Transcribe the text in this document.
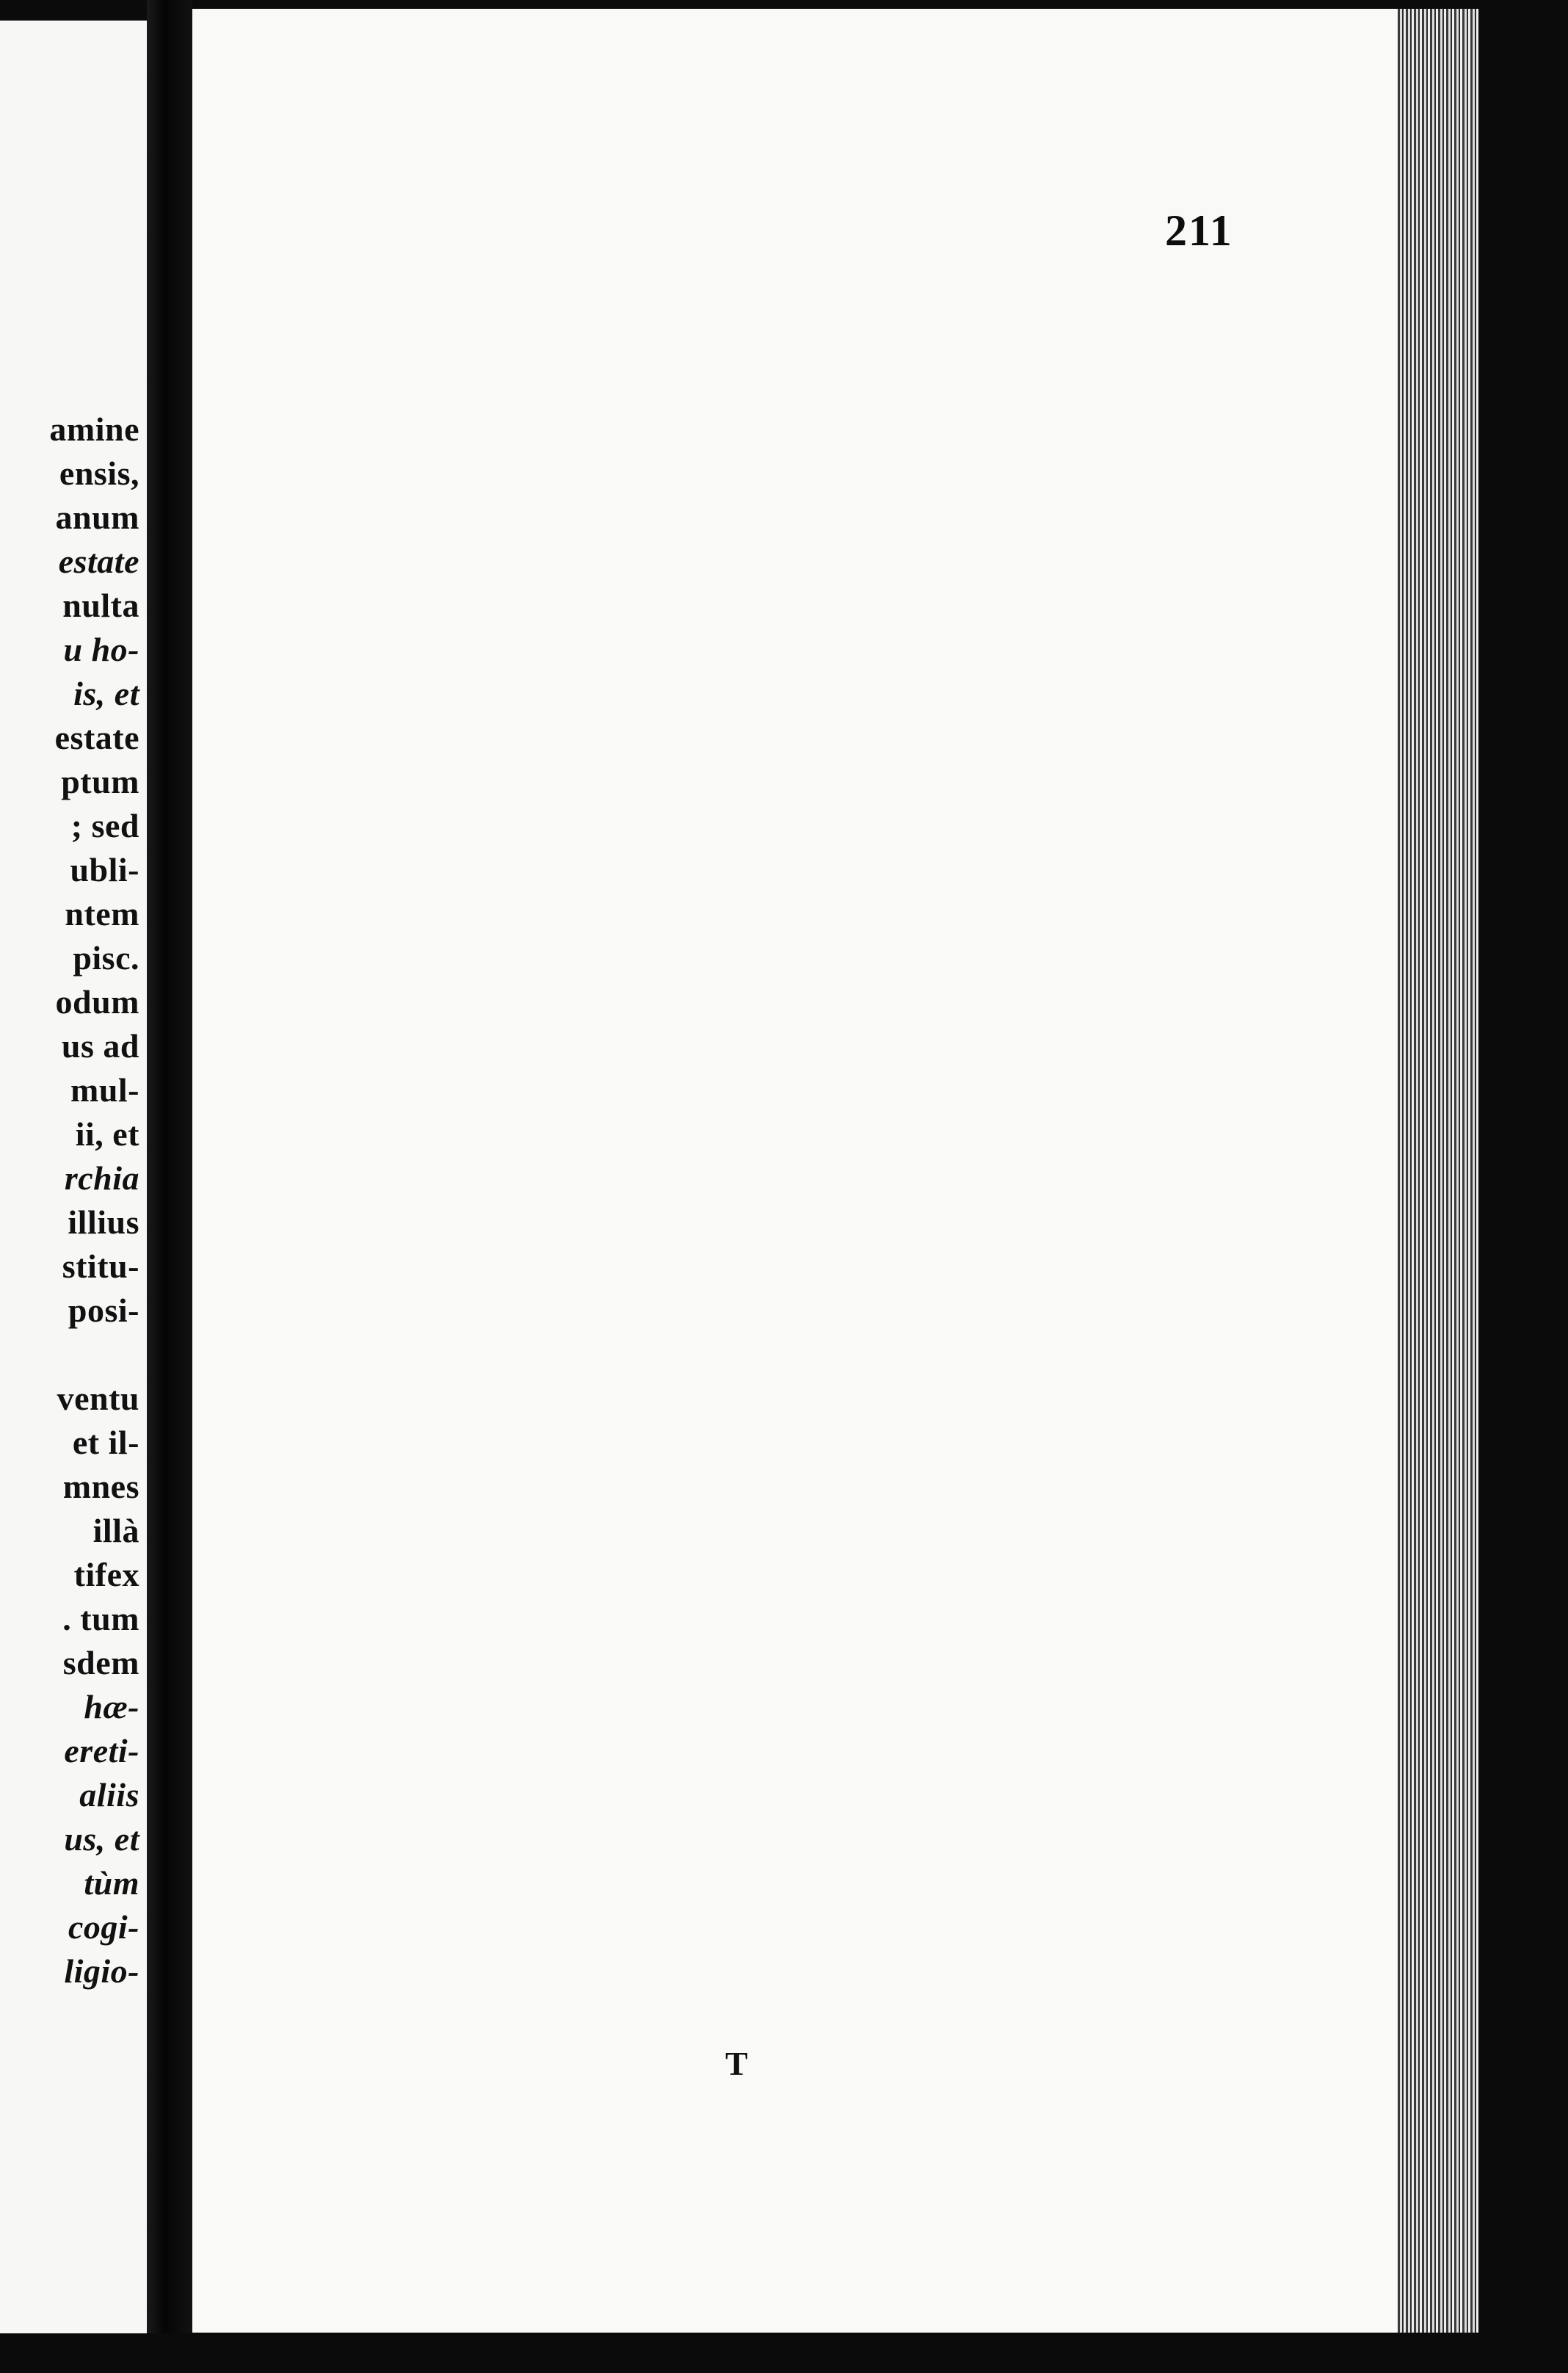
amine
ensis,
anum
estate
nulta
u ho-
is, et
estate
ptum
; sed
ubli-
ntem
pisc.
odum
us ad
mul-
ii, et
rchia
illius
stitu-
posi-
ventu
et il-
mnes
illà
tifex
. tum
sdem
hæ-
ereti-
aliis
us, et
tùm
cogi-
ligio-
211
T
